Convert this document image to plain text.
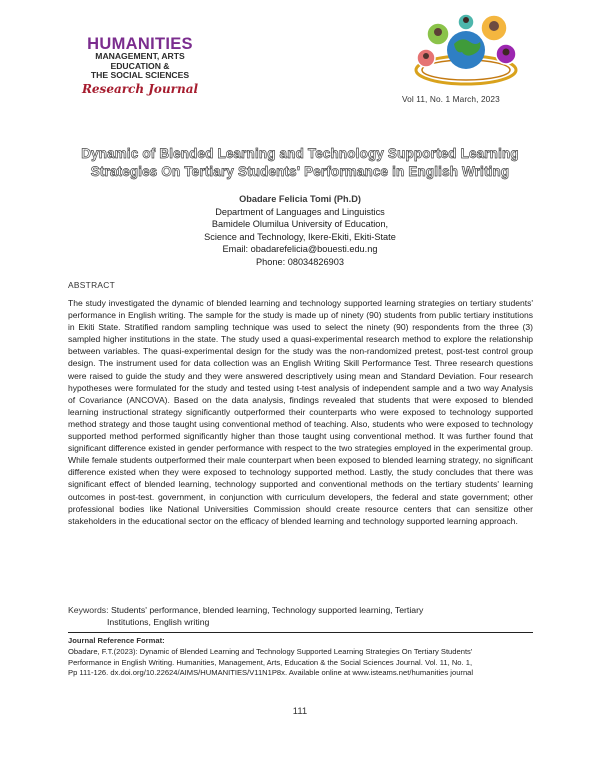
HUMANITIES
MANAGEMENT, ARTS
EDUCATION &
THE SOCIAL SCIENCES
Research Journal
Vol 11, No. 1 March, 2023
Dynamic of Blended Learning and Technology Supported Learning
Strategies On Tertiary Students' Performance in English Writing
Obadare Felicia Tomi (Ph.D)
Department of Languages and Linguistics
Bamidele Olumilua University of Education,
Science and Technology, Ikere-Ekiti, Ekiti-State
Email: obadarefelicia@bouesti.edu.ng
Phone: 08034826903
ABSTRACT
The study investigated the dynamic of blended learning and technology supported learning strategies on tertiary students' performance in English writing. The sample for the study is made up of ninety (90) students from public tertiary institutions in Ekiti State. Stratified random sampling technique was used to select the ninety (90) respondents from the three (3) sampled higher institutions in the state. The study used a quasi-experimental research method to explore the relationship between variables. The quasi-experimental design for the study was the non-randomized pretest, post-test control group design. The instrument used for data collection was an English Writing Skill Performance Test. Three research questions were raised to guide the study and they were answered descriptively using mean and Standard Deviation. Four research hypotheses were formulated for the study and tested using t-test analysis of independent sample and a two way Analysis of Covariance (ANCOVA). Based on the data analysis, findings revealed that students that were exposed to blended learning instructional strategy significantly outperformed their counterparts who were exposed to technology supported method strategy and those taught using conventional method of teaching. Also, students who were exposed to technology supported method performed significantly higher than those taught using conventional method. It was further found that significant difference existed in gender performance with respect to the two strategies employed in the experimental group. While female students outperformed their male counterpart when been exposed to blended learning strategy, no significant difference existed when they were exposed to technology supported method. Lastly, the study concludes that there was significant effect of blended learning, technology supported and conventional methods on the tertiary students' learning outcomes in post-test. government, in conjunction with curriculum developers, the federal and state government; other professional bodies like National Universities Commission should create resource centers that can sensitize other stakeholders in the educational sector on the efficacy of blended learning and technology supported learning approach.
Keywords: Students' performance, blended learning, Technology supported learning, Tertiary
Institutions, English writing
Journal Reference Format:
Obadare, F.T.(2023): Dynamic of Blended Learning and Technology Supported Learning Strategies On Tertiary Students'
Performance in English Writing. Humanities, Management, Arts, Education & the Social Sciences Journal. Vol. 11, No. 1,
Pp 111-126. dx.doi.org/10.22624/AIMS/HUMANITIES/V11N1P8x. Available online at www.isteams.net/humanities journal
111
